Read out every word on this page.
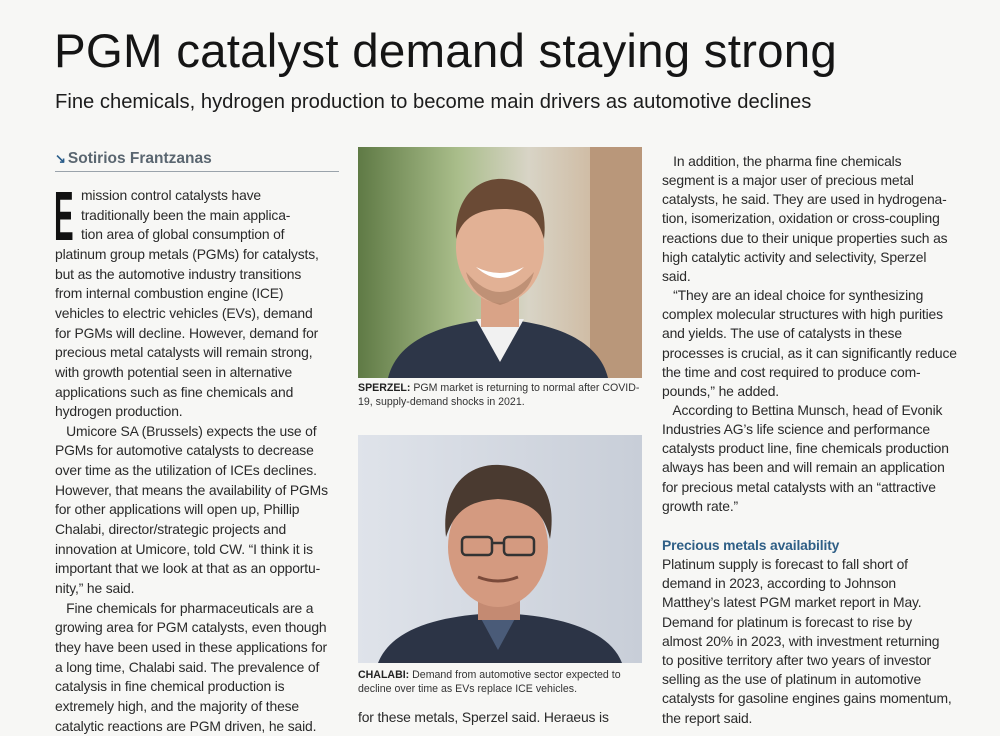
PGM catalyst demand staying strong
Fine chemicals, hydrogen production to become main drivers as automotive declines
↘ Sotirios Frantzanas
E mission control catalysts have
traditionally been the main applica-
tion area of global consumption of
platinum group metals (PGMs) for catalysts,
but as the automotive industry transitions
from internal combustion engine (ICE)
vehicles to electric vehicles (EVs), demand
for PGMs will decline. However, demand for
precious metal catalysts will remain strong,
with growth potential seen in alternative
applications such as fine chemicals and
hydrogen production.
Umicore SA (Brussels) expects the use of
PGMs for automotive catalysts to decrease
over time as the utilization of ICEs declines.
However, that means the availability of PGMs
for other applications will open up, Phillip
Chalabi, director/strategic projects and
innovation at Umicore, told CW. “I think it is
important that we look at that as an opportu-
nity,” he said.
Fine chemicals for pharmaceuticals are a
growing area for PGM catalysts, even though
they have been used in these applications for
a long time, Chalabi said. The prevalence of
catalysis in fine chemical production is
extremely high, and the majority of these
catalytic reactions are PGM driven, he said.
SPERZEL: PGM market is returning to normal after COVID-19, supply-demand shocks in 2021.
CHALABI: Demand from automotive sector expected to decline over time as EVs replace ICE vehicles.
for these metals, Sperzel said. Heraeus is
In addition, the pharma fine chemicals
segment is a major user of precious metal
catalysts, he said. They are used in hydrogena-
tion, isomerization, oxidation or cross-coupling
reactions due to their unique properties such as
high catalytic activity and selectivity, Sperzel
said.
“They are an ideal choice for synthesizing
complex molecular structures with high purities
and yields. The use of catalysts in these
processes is crucial, as it can significantly reduce
the time and cost required to produce com-
pounds,” he added.
According to Bettina Munsch, head of Evonik
Industries AG’s life science and performance
catalysts product line, fine chemicals production
always has been and will remain an application
for precious metal catalysts with an “attractive
growth rate.”
Precious metals availability
Platinum supply is forecast to fall short of
demand in 2023, according to Johnson
Matthey’s latest PGM market report in May.
Demand for platinum is forecast to rise by
almost 20% in 2023, with investment returning
to positive territory after two years of investor
selling as the use of platinum in automotive
catalysts for gasoline engines gains momentum,
the report said.
